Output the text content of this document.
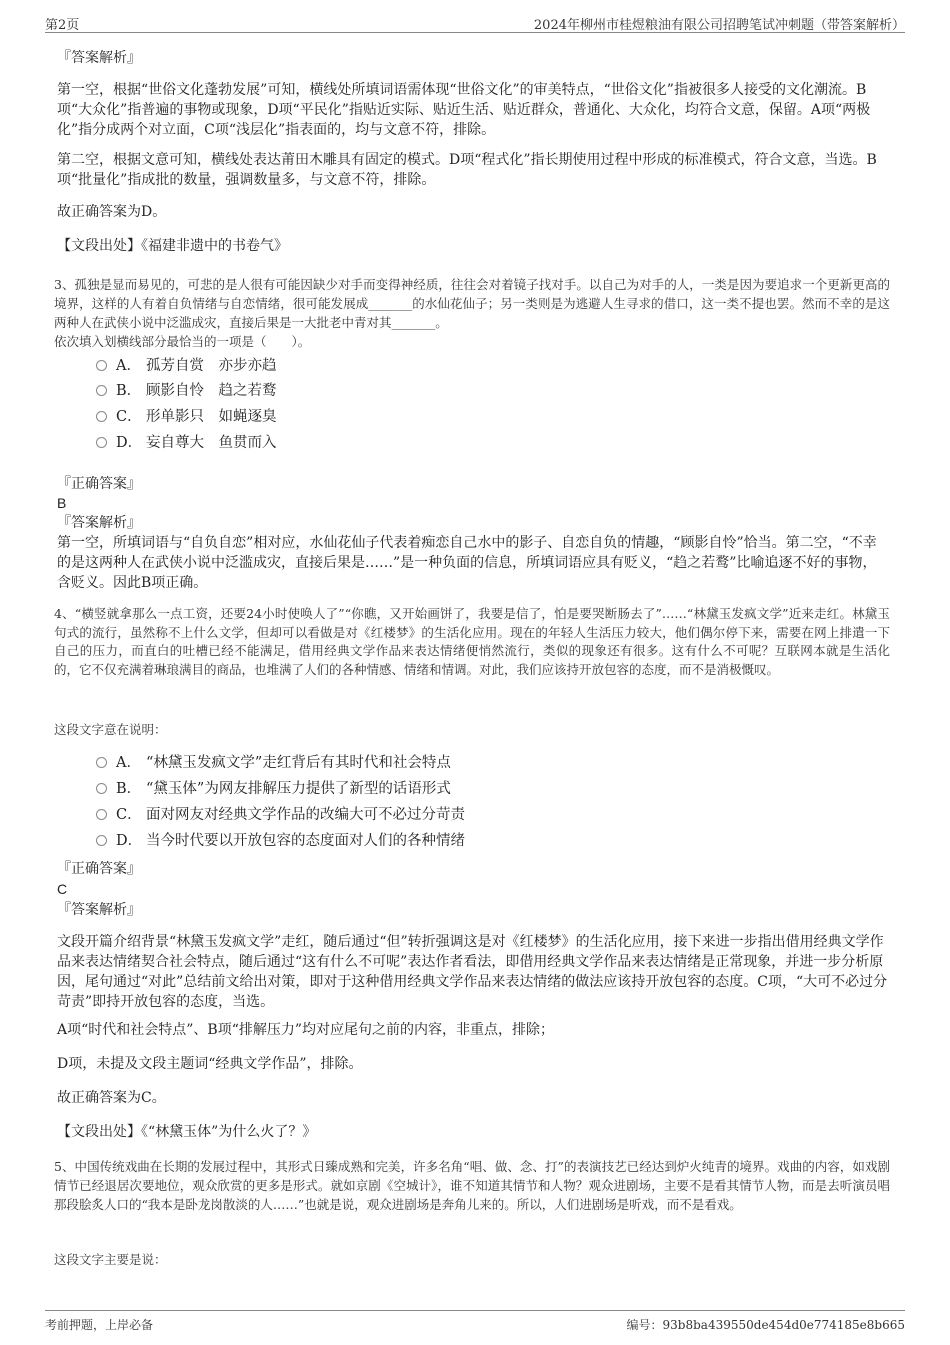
第2页	2024年柳州市桂煜粮油有限公司招聘笔试冲刺题（带答案解析）
『答案解析』
第一空，根据“世俗文化蓬勃发展”可知，横线处所填词语需体现“世俗文化”的审美特点，“世俗文化”指被很多人接受的文化潮流。B项“大众化”指普遍的事物或现象，D项“平民化”指贴近实际、贴近生活、贴近群众，普通化、大众化，均符合文意，保留。A项“两极化”指分成两个对立面，C项“浅层化”指表面的，均与文意不符，排除。
第二空，根据文意可知，横线处表达莆田木雕具有固定的模式。D项“程式化”指长期使用过程中形成的标准模式，符合文意，当选。B项“批量化”指成批的数量，强调数量多，与文意不符，排除。
故正确答案为D。
【文段出处】《福建非遗中的书卷气》
3、孤独是显而易见的，可悲的是人很有可能因缺少对手而变得神经质，往往会对着镜子找对手。以自己为对手的人，一类是因为要追求一个更新更高的境界，这样的人有着自负情绪与自恋情绪，很可能发展成_______的水仙花仙子；另一类则是为逃避人生寻求的借口，这一类不提也罢。然而不幸的是这两种人在武侠小说中泛滥成灾，直接后果是一大批老中青对其_______。
依次填入划横线部分最恰当的一项是（　　）。
A． 孤芳自赏　亦步亦趋
B． 顾影自怜　趋之若鹜
C． 形单影只　如蝇逐臭
D． 妄自尊大　鱼贯而入
『正确答案』
B
『答案解析』
第一空，所填词语与“自负自恋”相对应，水仙花仙子代表着痴恋自己水中的影子、自恋自负的情趣，“顾影自怜”恰当。第二空，“不幸的是这两种人在武侠小说中泛滥成灾，直接后果是……”是一种负面的信息，所填词语应具有贬义，“趋之若鹜”比喻追逐不好的事物，含贬义。因此B项正确。
4、“横竖就拿那么一点工资，还要24小时使唤人了”“你瞧，又开始画饼了，我要是信了，怕是要哭断肠去了”……“林黛玉发疯文学”近来走红。林黛玉句式的流行，虽然称不上什么文学，但却可以看做是对《红楼梦》的生活化应用。现在的年轻人生活压力较大，他们偶尔停下来，需要在网上排遣一下自己的压力，而直白的吐槽已经不能满足，借用经典文学作品来表达情绪便悄然流行，类似的现象还有很多。这有什么不可呢？互联网本就是生活化的，它不仅充满着琳琅满目的商品，也堆满了人们的各种情感、情绪和情调。对此，我们应该持开放包容的态度，而不是消极慨叹。
这段文字意在说明：
A． “林黛玉发疯文学”走红背后有其时代和社会特点
B． “黛玉体”为网友排解压力提供了新型的话语形式
C． 面对网友对经典文学作品的改编大可不必过分苛责
D． 当今时代要以开放包容的态度面对人们的各种情绪
『正确答案』
C
『答案解析』
文段开篇介绍背景“林黛玉发疯文学”走红，随后通过“但”转折强调这是对《红楼梦》的生活化应用，接下来进一步指出借用经典文学作品来表达情绪契合社会特点，随后通过“这有什么不可呢”表达作者看法，即借用经典文学作品来表达情绪是正常现象，并进一步分析原因，尾句通过“对此”总结前文给出对策，即对于这种借用经典文学作品来表达情绪的做法应该持开放包容的态度。C项，“大可不必过分苛责”即持开放包容的态度，当选。
A项“时代和社会特点”、B项“排解压力”均对应尾句之前的内容，非重点，排除；
D项，未提及文段主题词“经典文学作品”，排除。
故正确答案为C。
【文段出处】《“林黛玉体”为什么火了？》
5、中国传统戏曲在长期的发展过程中，其形式日臻成熟和完美，许多名角“唱、做、念、打”的表演技艺已经达到炉火纯青的境界。戏曲的内容，如戏剧情节已经退居次要地位，观众欣赏的更多是形式。就如京剧《空城计》，谁不知道其情节和人物？观众进剧场，主要不是看其情节人物，而是去听演员唱那段脍炙人口的“我本是卧龙岗散淡的人……”也就是说，观众进剧场是奔角儿来的。所以，人们进剧场是听戏，而不是看戏。
这段文字主要是说：
考前押题，上岸必备	编号：93b8ba439550de454d0e774185e8b665
